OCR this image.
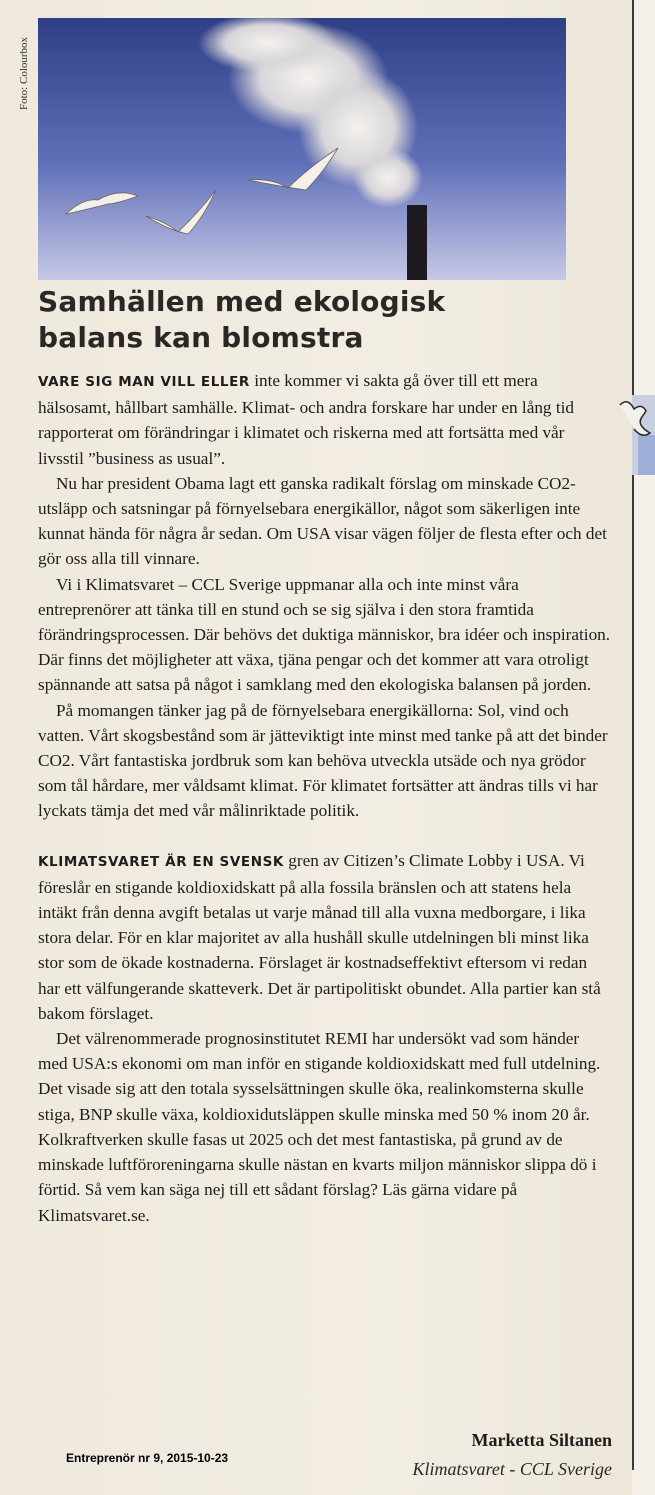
Foto: Colourbox
Samhällen med ekologisk
balans kan blomstra

VARE SIG MAN VILL ELLER inte kommer vi sakta gå över till ett mera hälsosamt, hållbart samhälle. Klimat- och andra forskare har under en lång tid rapporterat om förändringar i klimatet och riskerna med att fortsätta med vår livsstil ”business as usual”.

Nu har president Obama lagt ett ganska radikalt förslag om minskade CO2- utsläpp och satsningar på förnyelsebara energikällor, något som säkerligen inte kunnat hända för några år sedan. Om USA visar vägen följer de flesta efter och det gör oss alla till vinnare.

Vi i Klimatsvaret – CCL Sverige uppmanar alla och inte minst våra entreprenörer att tänka till en stund och se sig själva i den stora framtida förändringsprocessen. Där behövs det duktiga människor, bra idéer och inspiration. Där finns det möjligheter att växa, tjäna pengar och det kommer att vara otroligt spännande att satsa på något i samklang med den ekologiska balansen på jorden.

På momangen tänker jag på de förnyelsebara energikällorna: Sol, vind och vatten. Vårt skogsbestånd som är jätteviktigt inte minst med tanke på att det binder CO2. Vårt fantastiska jordbruk som kan behöva utveckla utsäde och nya grödor som tål hårdare, mer våldsamt klimat. För klimatet fortsätter att ändras tills vi har lyckats tämja det med vår målinriktade politik.

KLIMATSVARET ÄR EN SVENSK gren av Citizen’s Climate Lobby i USA. Vi föreslår en stigande koldioxidskatt på alla fossila bränslen och att statens hela intäkt från denna avgift betalas ut varje månad till alla vuxna medborgare, i lika stora delar. För en klar majoritet av alla hushåll skulle utdelningen bli minst lika stor som de ökade kostnaderna. Förslaget är kostnadseffektivt eftersom vi redan har ett välfungerande skatteverk. Det är partipolitiskt obundet. Alla partier kan stå bakom förslaget.

Det välrenommerade prognosinstitutet REMI har undersökt vad som händer med USA:s ekonomi om man inför en stigande koldioxidskatt med full utdelning. Det visade sig att den totala sysselsättningen skulle öka, realinkomsterna skulle stiga, BNP skulle växa, koldioxidutsläppen skulle minska med 50 % inom 20 år. Kolkraftverken skulle fasas ut 2025 och det mest fantastiska, på grund av de minskade luftföroreningarna skulle nästan en kvarts miljon människor slippa dö i förtid. Så vem kan säga nej till ett sådant förslag? Läs gärna vidare på Klimatsvaret.se.

Marketta Siltanen
Klimatsvaret - CCL Sverige
Entreprenör nr 9, 2015-10-23
